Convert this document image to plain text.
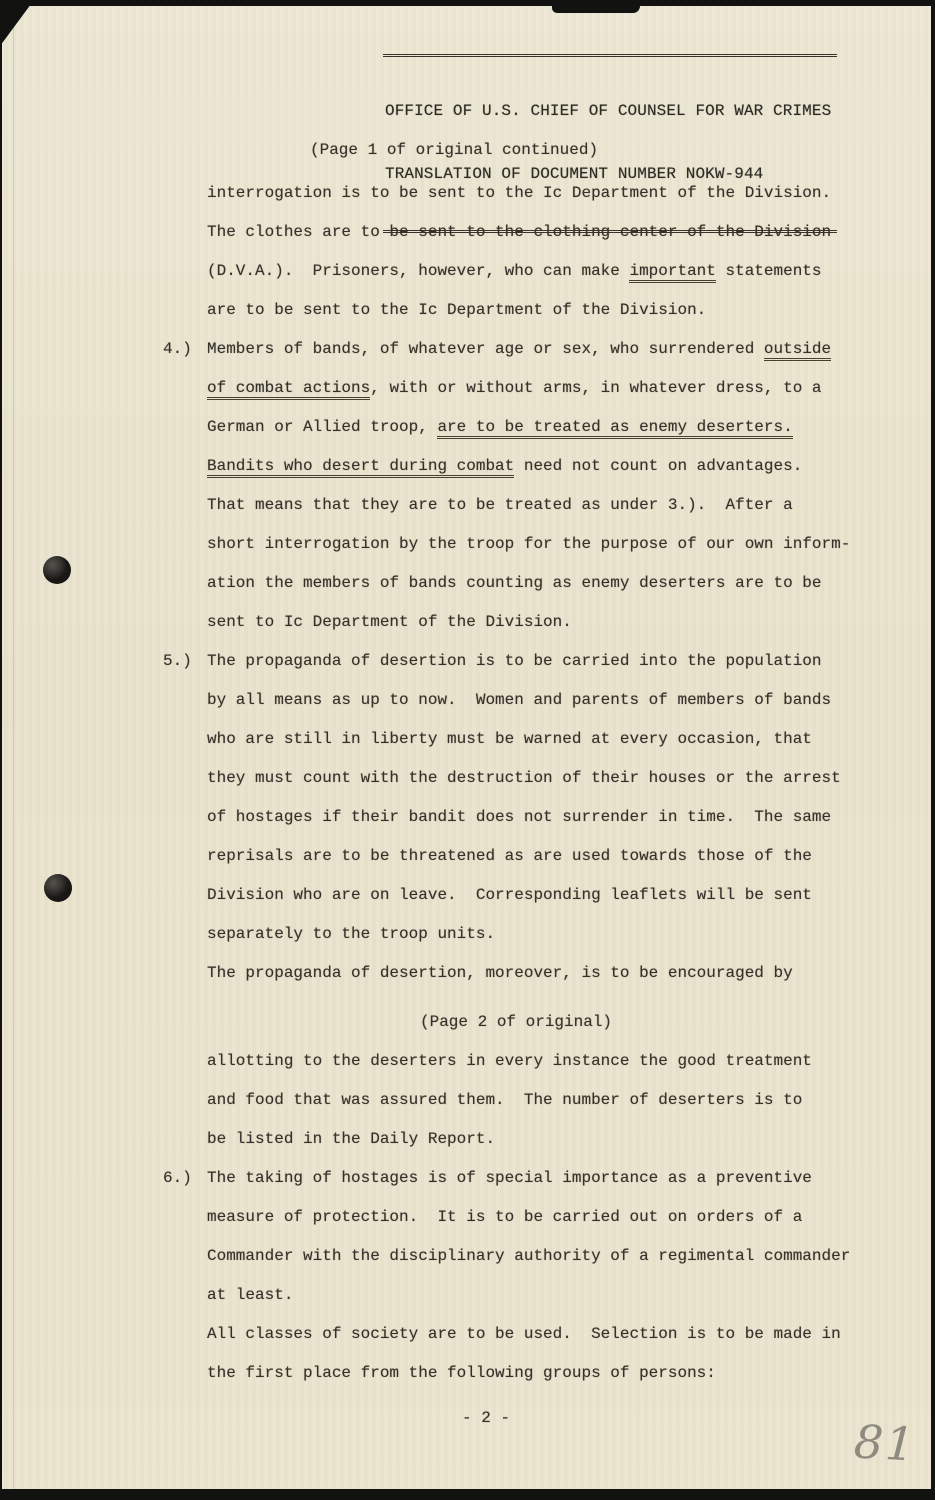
OFFICE OF U.S. CHIEF OF COUNSEL FOR WAR CRIMES

TRANSLATION OF DOCUMENT NUMBER NOKW-944

(Page 1 of original continued)
interrogation is to be sent to the Ic Department of the Division.
The clothes are to be sent to the clothing center of the Division
(D.V.A.).  Prisoners, however, who can make important statements
are to be sent to the Ic Department of the Division.
4.) Members of bands, of whatever age or sex, who surrendered outside
of combat actions, with or without arms, in whatever dress, to a
German or Allied troop, are to be treated as enemy deserters.
Bandits who desert during combat need not count on advantages.
That means that they are to be treated as under 3.).  After a
short interrogation by the troop for the purpose of our own inform-
ation the members of bands counting as enemy deserters are to be
sent to Ic Department of the Division.
5.) The propaganda of desertion is to be carried into the population
by all means as up to now.  Women and parents of members of bands
who are still in liberty must be warned at every occasion, that
they must count with the destruction of their houses or the arrest
of hostages if their bandit does not surrender in time.  The same
reprisals are to be threatened as are used towards those of the
Division who are on leave.  Corresponding leaflets will be sent
separately to the troop units.
The propaganda of desertion, moreover, is to be encouraged by
(Page 2 of original)
allotting to the deserters in every instance the good treatment
and food that was assured them.  The number of deserters is to
be listed in the Daily Report.
6.) The taking of hostages is of special importance as a preventive
measure of protection.  It is to be carried out on orders of a
Commander with the disciplinary authority of a regimental commander
at least.
All classes of society are to be used.  Selection is to be made in
the first place from the following groups of persons:
- 2 -	81
